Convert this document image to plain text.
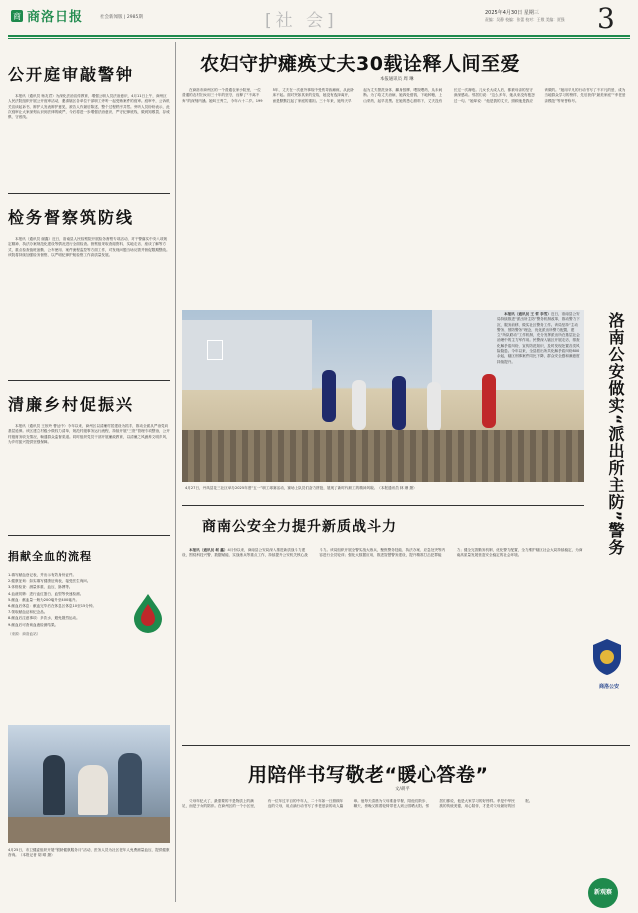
商 商洛日报	社会新闻版 | 2985期	[社 会]	2025年4月30日 星期三
责编：吴静 校编：张蕾 校对：王敬 美编：贾强 3
公开庭审敲警钟

本报讯（通讯员 杨友君）为深化法治宣传教育，增强公职人员法治意识，4月11日上午，商州区人民法院组织开展公开庭审活动，邀请辖区各单位干部职工旁听一起受贿案件的庭审。庭审中，公诉机关宣读起诉书，辩护人发表辩护意见，被告人作最后陈述，整个过程秩序井然。旁听人员纷纷表示，此次庭审让大家深刻认识到法律的威严，今后将进一步增强法治意识，严守纪律底线，做到知敬畏、存戒惧、守底线。

检务督察筑防线

本报讯（通讯员 谢鑫）近日，洛南县人民检察院开展检务督察专项活动，对干警落实中央八项规定精神、执法办案规范化建设等情况进行全面检查。督察组采取查阅资料、实地走访、座谈了解等方式，重点检查值班备勤、公车使用、案件流程监控等方面工作，对发现问题当场反馈并督促限期整改。该院将持续加强检务督察，以严明纪律护航检察工作高质量发展。

清廉乡村促振兴

本报讯（通讯员 王欣玲 曹达中）今年以来，商州区以清廉村居建设为抓手，推动全面从严治党向基层延伸。该区建立村级小微权力清单，规范村级事务运行流程，持续开展“三资”管理专项整治，公开村级财务收支情况，畅通群众监督渠道。同时组织党员干部开展廉政教育，以清廉之风涵养文明乡风，为乡村振兴提供坚强保障。

捐献全血的流程
1.填写献血登记表，并出示有效身份证件。
2.健康征询：如实填写健康征询表，接受医生询问。
3.体格检查：测量体重、血压、脉搏等。
4.血液初筛：进行血红蛋白、血型等快速检测。
5.献血：献血量一般为200毫升至400毫升。
6.献血后休息：献血完毕后在休息区休息10至15分钟。
7.领取献血证和纪念品。
8.献血后注意事项：多饮水，避免剧烈运动。
9.献血后可查询血液检测结果。
（来源：商洛血站）
4月25日，市卫健委组织开展“银龄健康服务月”活动，医务人员为社区老年人免费测量血压、提供健康咨询。（本报记者 胡 晴 摄）
农妇守护瘫痪丈夫30载诠释人间至爱
本报通讯员 周 琳

在商洛市商州区的一个普通农家小院里，一位普通的农村妇女用三十年的坚守，诠释了“不离不弃”的深刻内涵。她叫王秀兰，今年六十二岁。1995年，丈夫在一次意外事故中受伤导致瘫痪，从此卧床不起。面对突如其来的变故，她没有选择离开，而是默默扛起了家庭的重担。三十年来，她每天早起为丈夫擦洗身体、翻身按摩、喂饭喂药，从未间断。为了给丈夫治病，她四处借钱，下地种粮，上山采药，起早贪黑。在她的悉心照料下，丈夫没有长过一次褥疮。儿女长大成人后，都被母亲的坚守深深感动。邻居们说：“这么多年，她从来没有抱怨过一句。”她却说：“他是我的丈夫，照顾他是我应该做的。”她用平凡的行动书写了不平凡的爱，成为当地群众学习的榜样，先后获得“最美家庭”“孝老爱亲模范”等荣誉称号。

4月27日，丹凤县花三社区举办2025年度“五一”职工球赛活动，赛场上队员们奋力拼抢，展现了新时代职工的精神风貌。（本报通讯员 林 珊 摄）
商南公安全力提升新质战斗力

本报讯（通讯员 柯 鑫）4月份以来，商南县公安局深入推进新质战斗力建设，围绕科技兴警、数据赋能、实战练兵等重点工作，持续提升公安机关核心战斗力。该局组织开展全警实战大练兵，聚焦警务技能、执法办案、应急处突等内容进行全员轮训；强化大数据应用，推进智慧警务建设，提升精准打击犯罪能力；健全完善勤务机制，优化警力配置，全力维护辖区社会大局持续稳定，为商南高质量发展营造安全稳定的社会环境。

本报讯（通讯员 王 哲 李雪）近日，洛南县公安局持续推进“派出所主防”警务机制改革，推动警力下沉、服务前移，做实社区警务工作。该局坚持“主动警务、预防警务”理念，优化派出所警力配置，建立“所队联动”工作机制，充分发挥派出所在基层社会治理中的主力军作用。民警深入辖区开展走访，排查化解矛盾纠纷，宣传防范知识，及时发现处置各类风险隐患。今年以来，全县派出所共化解矛盾纠纷800余起，辖区刑事案件同比下降，群众安全感和满意度持续提升。	洛南公安做实“派出所主防”警务
商洛公安
用陪伴书写敬老“暖心答卷”
文/胡平

父母年纪大了，最需要的不是物质上的满足，而是子女的陪伴。在商州区的一个小区里，有一位年过半百的中年人，二十年如一日照顾年迈的父母，用点滴行动书写了孝老爱亲的动人篇章。他每天清晨为父母准备早餐，陪他们散步、聊天，傍晚又推着轮椅带老人到公园晒太阳。邻居们都说，他是大家学习的好榜样。孝是中华民族的传统美德，用心陪伴，才是对父母最好的回报。

新观察
